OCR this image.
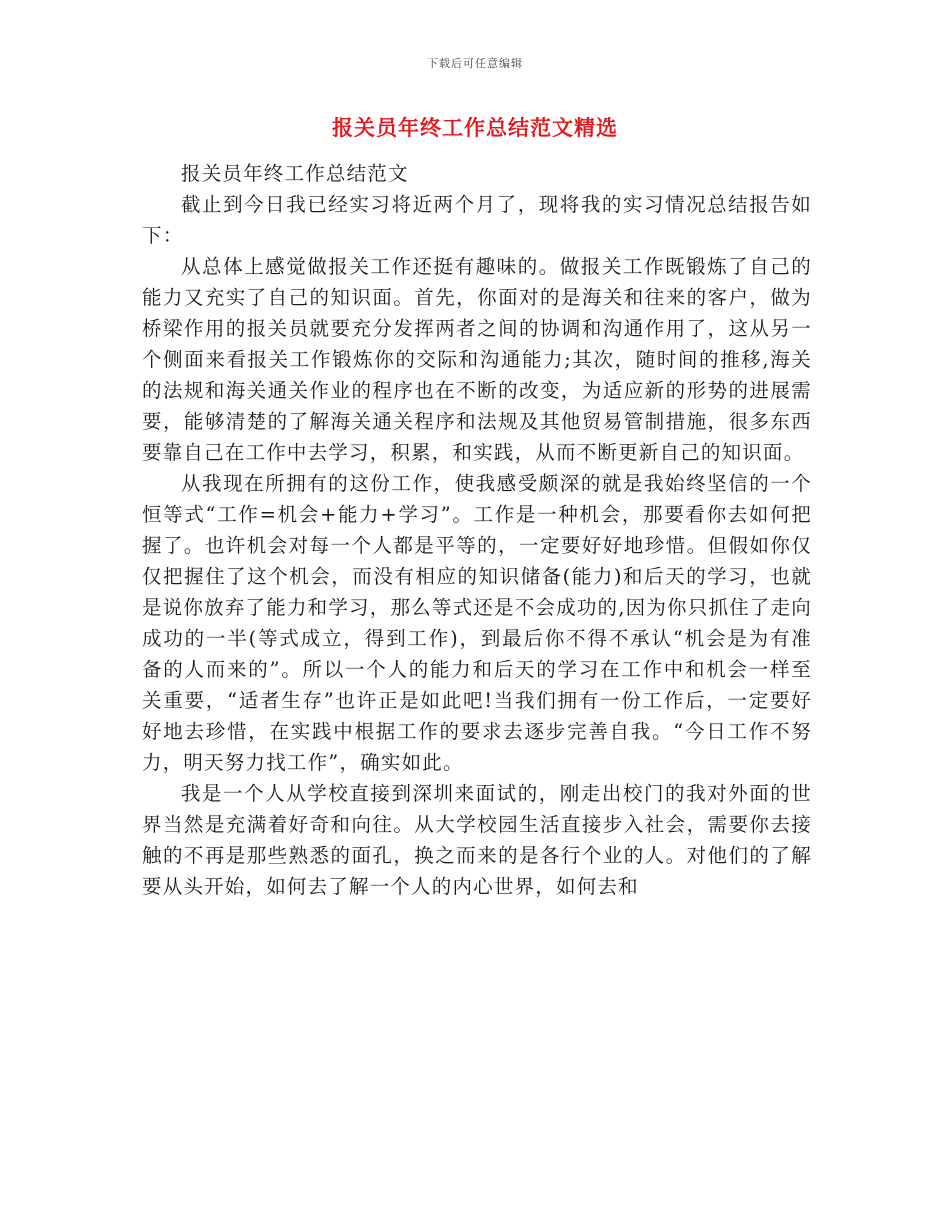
下载后可任意编辑
报关员年终工作总结范文精选

报关员年终工作总结范文

截止到今日我已经实习将近两个月了，现将我的实习情况总结报告如下：

从总体上感觉做报关工作还挺有趣味的。做报关工作既锻炼了自己的能力又充实了自己的知识面。首先，你面对的是海关和往来的客户，做为桥梁作用的报关员就要充分发挥两者之间的协调和沟通作用了，这从另一个侧面来看报关工作锻炼你的交际和沟通能力;其次，随时间的推移,海关的法规和海关通关作业的程序也在不断的改变，为适应新的形势的进展需要，能够清楚的了解海关通关程序和法规及其他贸易管制措施，很多东西要靠自己在工作中去学习，积累，和实践，从而不断更新自己的知识面。

从我现在所拥有的这份工作，使我感受颇深的就是我始终坚信的一个恒等式“工作=机会+能力+学习”。工作是一种机会，那要看你去如何把握了。也许机会对每一个人都是平等的，一定要好好地珍惜。但假如你仅仅把握住了这个机会，而没有相应的知识储备(能力)和后天的学习，也就是说你放弃了能力和学习，那么等式还是不会成功的,因为你只抓住了走向成功的一半(等式成立，得到工作)，到最后你不得不承认“机会是为有准备的人而来的”。所以一个人的能力和后天的学习在工作中和机会一样至关重要，“适者生存”也许正是如此吧!当我们拥有一份工作后，一定要好好地去珍惜，在实践中根据工作的要求去逐步完善自我。“今日工作不努力，明天努力找工作”，确实如此。

我是一个人从学校直接到深圳来面试的，刚走出校门的我对外面的世界当然是充满着好奇和向往。从大学校园生活直接步入社会，需要你去接触的不再是那些熟悉的面孔，换之而来的是各行个业的人。对他们的了解要从头开始，如何去了解一个人的内心世界，如何去和
